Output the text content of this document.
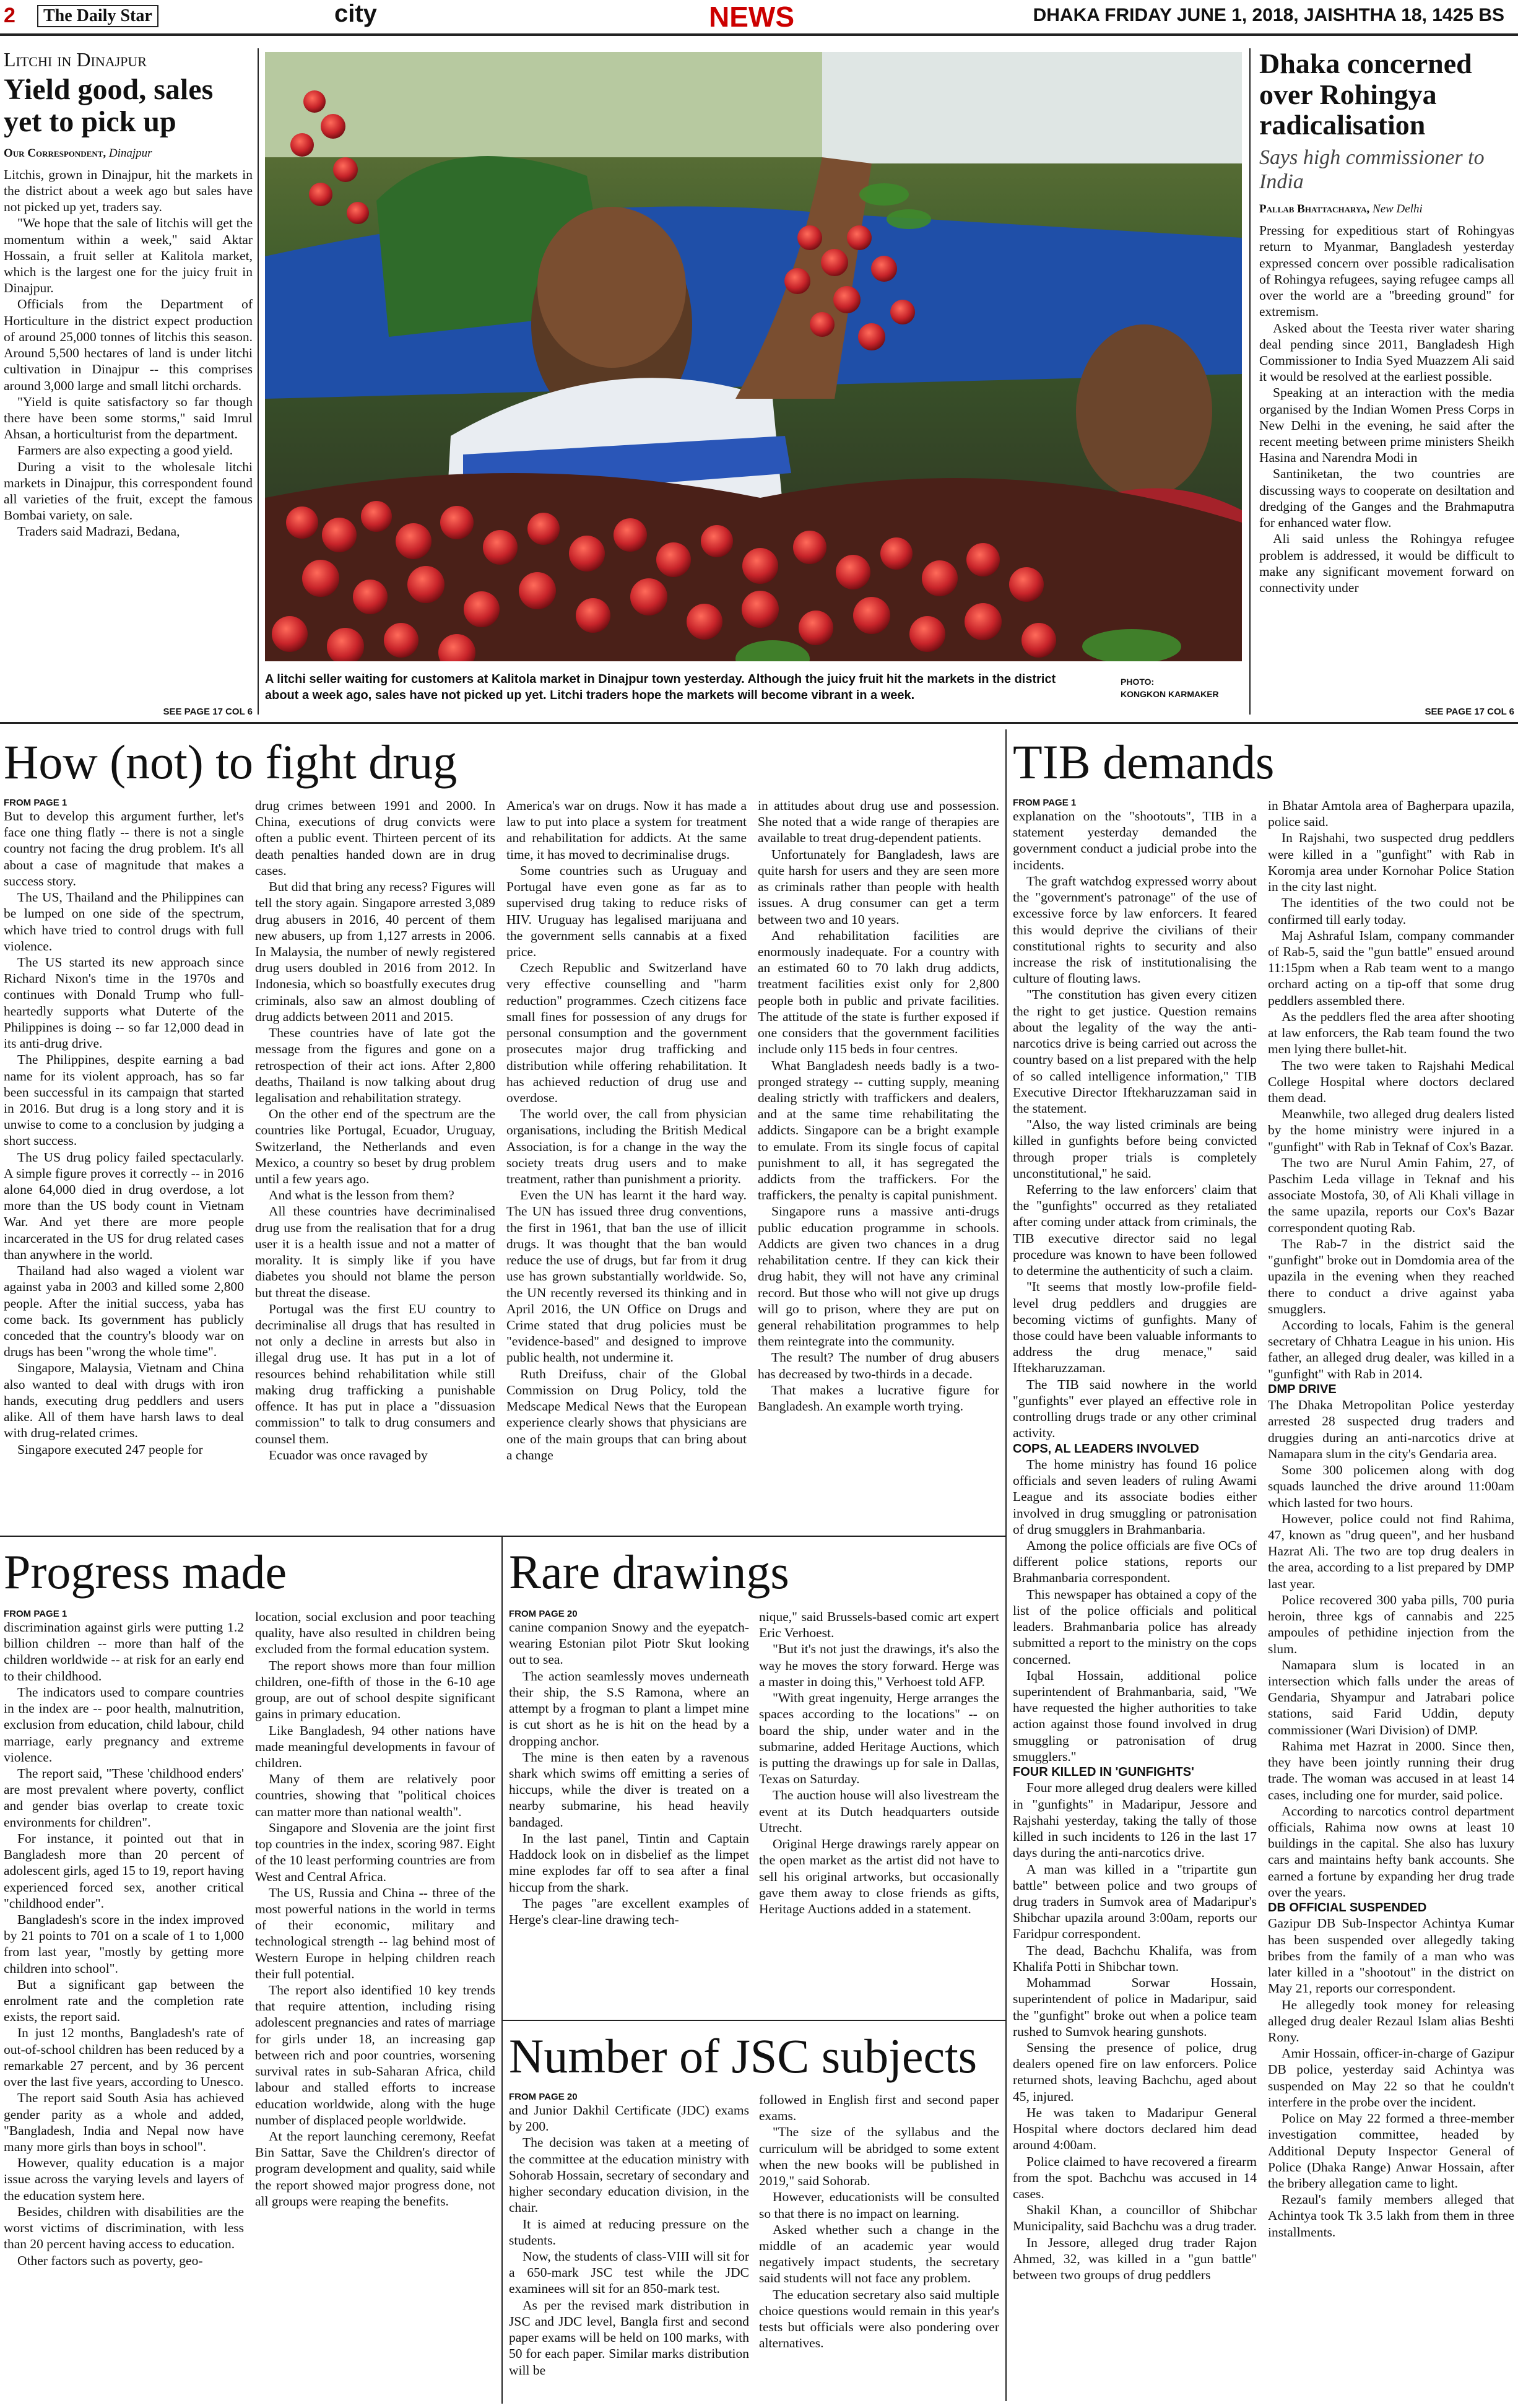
2	The Daily Star	city	NEWS	DHAKA FRIDAY JUNE 1, 2018, JAISHTHA 18, 1425 BS
Litchi in Dinajpur
Yield good, sales yet to pick up
Our Correspondent, Dinajpur

Litchis, grown in Dinajpur, hit the markets in the district about a week ago but sales have not picked up yet, traders say.

"We hope that the sale of litchis will get the momentum within a week," said Aktar Hossain, a fruit seller at Kalitola market, which is the largest one for the juicy fruit in Dinajpur.

Officials from the Department of Horticulture in the district expect production of around 25,000 tonnes of litchis this season. Around 5,500 hectares of land is under litchi cultivation in Dinajpur -- this comprises around 3,000 large and small litchi orchards.

"Yield is quite satisfactory so far though there have been some storms," said Imrul Ahsan, a horticulturist from the department.

Farmers are also expecting a good yield.

During a visit to the wholesale litchi markets in Dinajpur, this correspondent found all varieties of the fruit, except the famous Bombai variety, on sale.

Traders said Madrazi, Bedana,

SEE PAGE 17 COL 6
A litchi seller waiting for customers at Kalitola market in Dinajpur town yesterday. Although the juicy fruit hit the markets in the district about a week ago, sales have not picked up yet. Litchi traders hope the markets will become vibrant in a week.
PHOTO:
KONGKON KARMAKER
Dhaka concerned over Rohingya radicalisation
Says high commissioner to India
Pallab Bhattacharya, New Delhi

Pressing for expeditious start of Rohingyas return to Myanmar, Bangladesh yesterday expressed concern over possible radicalisation of Rohingya refugees, saying refugee camps all over the world are a "breeding ground" for extremism.

Asked about the Teesta river water sharing deal pending since 2011, Bangladesh High Commissioner to India Syed Muazzem Ali said it would be resolved at the earliest possible.

Speaking at an interaction with the media organised by the Indian Women Press Corps in New Delhi in the evening, he said after the recent meeting between prime ministers Sheikh Hasina and Narendra Modi in

Santiniketan, the two countries are discussing ways to cooperate on desiltation and dredging of the Ganges and the Brahmaputra for enhanced water flow.

Ali said unless the Rohingya refugee problem is addressed, it would be difficult to make any significant movement forward on connectivity under

SEE PAGE 17 COL 6
How (not) to fight drug

FROM PAGE 1

But to develop this argument further, let's face one thing flatly -- there is not a single country not facing the drug problem. It's all about a case of magnitude that makes a success story.

The US, Thailand and the Philippines can be lumped on one side of the spectrum, which have tried to control drugs with full violence.

The US started its new approach since Richard Nixon's time in the 1970s and continues with Donald Trump who full-heartedly supports what Duterte of the Philippines is doing -- so far 12,000 dead in its anti-drug drive.

The Philippines, despite earning a bad name for its violent approach, has so far been successful in its campaign that started in 2016. But drug is a long story and it is unwise to come to a conclusion by judging a short success.

The US drug policy failed spectacularly. A simple figure proves it correctly -- in 2016 alone 64,000 died in drug overdose, a lot more than the US body count in Vietnam War. And yet there are more people incarcerated in the US for drug related cases than anywhere in the world.

Thailand had also waged a violent war against yaba in 2003 and killed some 2,800 people. After the initial success, yaba has come back. Its government has publicly conceded that the country's bloody war on drugs has been "wrong the whole time".

Singapore, Malaysia, Vietnam and China also wanted to deal with drugs with iron hands, executing drug peddlers and users alike. All of them have harsh laws to deal with drug-related crimes.

Singapore executed 247 people for

drug crimes between 1991 and 2000. In China, executions of drug convicts were often a public event. Thirteen percent of its death penalties handed down are in drug cases.

But did that bring any recess? Figures will tell the story again. Singapore arrested 3,089 drug abusers in 2016, 40 percent of them new abusers, up from 1,127 arrests in 2006. In Malaysia, the number of newly registered drug users doubled in 2016 from 2012. In Indonesia, which so boastfully executes drug criminals, also saw an almost doubling of drug addicts between 2011 and 2015.

These countries have of late got the message from the figures and gone on a retrospection of their act ions. After 2,800 deaths, Thailand is now talking about drug legalisation and rehabilitation strategy.

On the other end of the spectrum are the countries like Portugal, Ecuador, Uruguay, Switzerland, the Netherlands and even Mexico, a country so beset by drug problem until a few years ago.

And what is the lesson from them?

All these countries have decriminalised drug use from the realisation that for a drug user it is a health issue and not a matter of morality. It is simply like if you have diabetes you should not blame the person but threat the disease.

Portugal was the first EU country to decriminalise all drugs that has resulted in not only a decline in arrests but also in illegal drug use. It has put in a lot of resources behind rehabilitation while still making drug trafficking a punishable offence. It has put in place a "dissuasion commission" to talk to drug consumers and counsel them.

Ecuador was once ravaged by

America's war on drugs. Now it has made a law to put into place a system for treatment and rehabilitation for addicts. At the same time, it has moved to decriminalise drugs.

Some countries such as Uruguay and Portugal have even gone as far as to supervised drug taking to reduce risks of HIV. Uruguay has legalised marijuana and the government sells cannabis at a fixed price.

Czech Republic and Switzerland have very effective counselling and "harm reduction" programmes. Czech citizens face small fines for possession of any drugs for personal consumption and the government prosecutes major drug trafficking and distribution while offering rehabilitation. It has achieved reduction of drug use and overdose.

The world over, the call from physician organisations, including the British Medical Association, is for a change in the way the society treats drug users and to make treatment, rather than punishment a priority.

Even the UN has learnt it the hard way. The UN has issued three drug conventions, the first in 1961, that ban the use of illicit drugs. It was thought that the ban would reduce the use of drugs, but far from it drug use has grown substantially worldwide. So, the UN recently reversed its thinking and in April 2016, the UN Office on Drugs and Crime stated that drug policies must be "evidence-based" and designed to improve public health, not undermine it.

Ruth Dreifuss, chair of the Global Commission on Drug Policy, told the Medscape Medical News that the European experience clearly shows that physicians are one of the main groups that can bring about a change

in attitudes about drug use and possession. She noted that a wide range of therapies are available to treat drug-dependent patients.

Unfortunately for Bangladesh, laws are quite harsh for users and they are seen more as criminals rather than people with health issues. A drug consumer can get a term between two and 10 years.

And rehabilitation facilities are enormously inadequate. For a country with an estimated 60 to 70 lakh drug addicts, treatment facilities exist only for 2,800 people both in public and private facilities. The attitude of the state is further exposed if one considers that the government facilities include only 115 beds in four centres.

What Bangladesh needs badly is a two-pronged strategy -- cutting supply, meaning dealing strictly with traffickers and dealers, and at the same time rehabilitating the addicts. Singapore can be a bright example to emulate. From its single focus of capital punishment to all, it has segregated the addicts from the traffickers. For the traffickers, the penalty is capital punishment.

Singapore runs a massive anti-drugs public education programme in schools. Addicts are given two chances in a drug rehabilitation centre. If they can kick their drug habit, they will not have any criminal record. But those who will not give up drugs will go to prison, where they are put on general rehabilitation programmes to help them reintegrate into the community.

The result? The number of drug abusers has decreased by two-thirds in a decade.

That makes a lucrative figure for Bangladesh. An example worth trying.

TIB demands

FROM PAGE 1

explanation on the "shootouts", TIB in a statement yesterday demanded the government conduct a judicial probe into the incidents.

The graft watchdog expressed worry about the "government's patronage" of the use of excessive force by law enforcers. It feared this would deprive the civilians of their constitutional rights to security and also increase the risk of institutionalising the culture of flouting laws.

"The constitution has given every citizen the right to get justice. Question remains about the legality of the way the anti-narcotics drive is being carried out across the country based on a list prepared with the help of so called intelligence information," TIB Executive Director Iftekharuzzaman said in the statement.

"Also, the way listed criminals are being killed in gunfights before being convicted through proper trials is completely unconstitutional," he said.

Referring to the law enforcers' claim that the "gunfights" occurred as they retaliated after coming under attack from criminals, the TIB executive director said no legal procedure was known to have been followed to determine the authenticity of such a claim.

"It seems that mostly low-profile field-level drug peddlers and druggies are becoming victims of gunfights. Many of those could have been valuable informants to address the drug menace," said Iftekharuzzaman.

The TIB said nowhere in the world "gunfights" ever played an effective role in controlling drugs trade or any other criminal activity.

COPS, AL LEADERS INVOLVED

The home ministry has found 16 police officials and seven leaders of ruling Awami League and its associate bodies either involved in drug smuggling or patronisation of drug smugglers in Brahmanbaria.

Among the police officials are five OCs of different police stations, reports our Brahmanbaria correspondent.

This newspaper has obtained a copy of the list of the police officials and political leaders. Brahmanbaria police has already submitted a report to the ministry on the cops concerned.

Iqbal Hossain, additional police superintendent of Brahmanbaria, said, "We have requested the higher authorities to take action against those found involved in drug smuggling or patronisation of drug smugglers."

FOUR KILLED IN 'GUNFIGHTS'

Four more alleged drug dealers were killed in "gunfights" in Madaripur, Jessore and Rajshahi yesterday, taking the tally of those killed in such incidents to 126 in the last 17 days during the anti-narcotics drive.

A man was killed in a "tripartite gun battle" between police and two groups of drug traders in Sumvok area of Madaripur's Shibchar upazila around 3:00am, reports our Faridpur correspondent.

The dead, Bachchu Khalifa, was from Khalifa Potti in Shibchar town.

Mohammad Sorwar Hossain, superintendent of police in Madaripur, said the "gunfight" broke out when a police team rushed to Sumvok hearing gunshots.

Sensing the presence of police, drug dealers opened fire on law enforcers. Police returned shots, leaving Bachchu, aged about 45, injured.

He was taken to Madaripur General Hospital where doctors declared him dead around 4:00am.

Police claimed to have recovered a firearm from the spot. Bachchu was accused in 14 cases.

Shakil Khan, a councillor of Shibchar Municipality, said Bachchu was a drug trader.

In Jessore, alleged drug trader Rajon Ahmed, 32, was killed in a "gun battle" between two groups of drug peddlers

in Bhatar Amtola area of Bagherpara upazila, police said.

In Rajshahi, two suspected drug peddlers were killed in a "gunfight" with Rab in Koromja area under Kornohar Police Station in the city last night.

The identities of the two could not be confirmed till early today.

Maj Ashraful Islam, company commander of Rab-5, said the "gun battle" ensued around 11:15pm when a Rab team went to a mango orchard acting on a tip-off that some drug peddlers assembled there.

As the peddlers fled the area after shooting at law enforcers, the Rab team found the two men lying there bullet-hit.

The two were taken to Rajshahi Medical College Hospital where doctors declared them dead.

Meanwhile, two alleged drug dealers listed by the home ministry were injured in a "gunfight" with Rab in Teknaf of Cox's Bazar.

The two are Nurul Amin Fahim, 27, of Paschim Leda village in Teknaf and his associate Mostofa, 30, of Ali Khali village in the same upazila, reports our Cox's Bazar correspondent quoting Rab.

The Rab-7 in the district said the "gunfight" broke out in Domdomia area of the upazila in the evening when they reached there to conduct a drive against yaba smugglers.

According to locals, Fahim is the general secretary of Chhatra League in his union. His father, an alleged drug dealer, was killed in a "gunfight" with Rab in 2014.

DMP DRIVE

The Dhaka Metropolitan Police yesterday arrested 28 suspected drug traders and druggies during an anti-narcotics drive at Namapara slum in the city's Gendaria area.

Some 300 policemen along with dog squads launched the drive around 11:00am which lasted for two hours.

However, police could not find Rahima, 47, known as "drug queen", and her husband Hazrat Ali. The two are top drug dealers in the area, according to a list prepared by DMP last year.

Police recovered 300 yaba pills, 700 puria heroin, three kgs of cannabis and 225 ampoules of pethidine injection from the slum.

Namapara slum is located in an intersection which falls under the areas of Gendaria, Shyampur and Jatrabari police stations, said Farid Uddin, deputy commissioner (Wari Division) of DMP.

Rahima met Hazrat in 2000. Since then, they have been jointly running their drug trade. The woman was accused in at least 14 cases, including one for murder, said police.

According to narcotics control department officials, Rahima now owns at least 10 buildings in the capital. She also has luxury cars and maintains hefty bank accounts. She earned a fortune by expanding her drug trade over the years.

DB OFFICIAL SUSPENDED

Gazipur DB Sub-Inspector Achintya Kumar has been suspended over allegedly taking bribes from the family of a man who was later killed in a "shootout" in the district on May 21, reports our correspondent.

He allegedly took money for releasing alleged drug dealer Rezaul Islam alias Beshti Rony.

Amir Hossain, officer-in-charge of Gazipur DB police, yesterday said Achintya was suspended on May 22 so that he couldn't interfere in the probe over the incident.

Police on May 22 formed a three-member investigation committee, headed by Additional Deputy Inspector General of Police (Dhaka Range) Anwar Hossain, after the bribery allegation came to light.

Rezaul's family members alleged that Achintya took Tk 3.5 lakh from them in three installments.

Progress made

FROM PAGE 1

discrimination against girls were putting 1.2 billion children -- more than half of the children worldwide -- at risk for an early end to their childhood.

The indicators used to compare countries in the index are -- poor health, malnutrition, exclusion from education, child labour, child marriage, early pregnancy and extreme violence.

The report said, "These 'childhood enders' are most prevalent where poverty, conflict and gender bias overlap to create toxic environments for children".

For instance, it pointed out that in Bangladesh more than 20 percent of adolescent girls, aged 15 to 19, report having experienced forced sex, another critical "childhood ender".

Bangladesh's score in the index improved by 21 points to 701 on a scale of 1 to 1,000 from last year, "mostly by getting more children into school".

But a significant gap between the enrolment rate and the completion rate exists, the report said.

In just 12 months, Bangladesh's rate of out-of-school children has been reduced by a remarkable 27 percent, and by 36 percent over the last five years, according to Unesco.

The report said South Asia has achieved gender parity as a whole and added, "Bangladesh, India and Nepal now have many more girls than boys in school".

However, quality education is a major issue across the varying levels and layers of the education system here.

Besides, children with disabilities are the worst victims of discrimination, with less than 20 percent having access to education.

Other factors such as poverty, geo-

location, social exclusion and poor teaching quality, have also resulted in children being excluded from the formal education system.

The report shows more than four million children, one-fifth of those in the 6-10 age group, are out of school despite significant gains in primary education.

Like Bangladesh, 94 other nations have made meaningful developments in favour of children.

Many of them are relatively poor countries, showing that "political choices can matter more than national wealth".

Singapore and Slovenia are the joint first top countries in the index, scoring 987. Eight of the 10 least performing countries are from West and Central Africa.

The US, Russia and China -- three of the most powerful nations in the world in terms of their economic, military and technological strength -- lag behind most of Western Europe in helping children reach their full potential.

The report also identified 10 key trends that require attention, including rising adolescent pregnancies and rates of marriage for girls under 18, an increasing gap between rich and poor countries, worsening survival rates in sub-Saharan Africa, child labour and stalled efforts to increase education worldwide, along with the huge number of displaced people worldwide.

At the report launching ceremony, Reefat Bin Sattar, Save the Children's director of program development and quality, said while the report showed major progress done, not all groups were reaping the benefits.

Rare drawings

FROM PAGE 20

canine companion Snowy and the eyepatch-wearing Estonian pilot Piotr Skut looking out to sea.

The action seamlessly moves underneath their ship, the S.S Ramona, where an attempt by a frogman to plant a limpet mine is cut short as he is hit on the head by a dropping anchor.

The mine is then eaten by a ravenous shark which swims off emitting a series of hiccups, while the diver is treated on a nearby submarine, his head heavily bandaged.

In the last panel, Tintin and Captain Haddock look on in disbelief as the limpet mine explodes far off to sea after a final hiccup from the shark.

The pages "are excellent examples of Herge's clear-line drawing tech-

nique," said Brussels-based comic art expert Eric Verhoest.

"But it's not just the drawings, it's also the way he moves the story forward. Herge was a master in doing this," Verhoest told AFP.

"With great ingenuity, Herge arranges the spaces according to the locations" -- on board the ship, under water and in the submarine, added Heritage Auctions, which is putting the drawings up for sale in Dallas, Texas on Saturday.

The auction house will also livestream the event at its Dutch headquarters outside Utrecht.

Original Herge drawings rarely appear on the open market as the artist did not have to sell his original artworks, but occasionally gave them away to close friends as gifts, Heritage Auctions added in a statement.

Number of JSC subjects

FROM PAGE 20

and Junior Dakhil Certificate (JDC) exams by 200.

The decision was taken at a meeting of the committee at the education ministry with Sohorab Hossain, secretary of secondary and higher secondary education division, in the chair.

It is aimed at reducing pressure on the students.

Now, the students of class-VIII will sit for a 650-mark JSC test while the JDC examinees will sit for an 850-mark test.

As per the revised mark distribution in JSC and JDC level, Bangla first and second paper exams will be held on 100 marks, with 50 for each paper. Similar marks distribution will be

followed in English first and second paper exams.

"The size of the syllabus and the curriculum will be abridged to some extent when the new books will be published in 2019," said Sohorab.

However, educationists will be consulted so that there is no impact on learning.

Asked whether such a change in the middle of an academic year would negatively impact students, the secretary said students will not face any problem.

The education secretary also said multiple choice questions would remain in this year's tests but officials were also pondering over alternatives.
